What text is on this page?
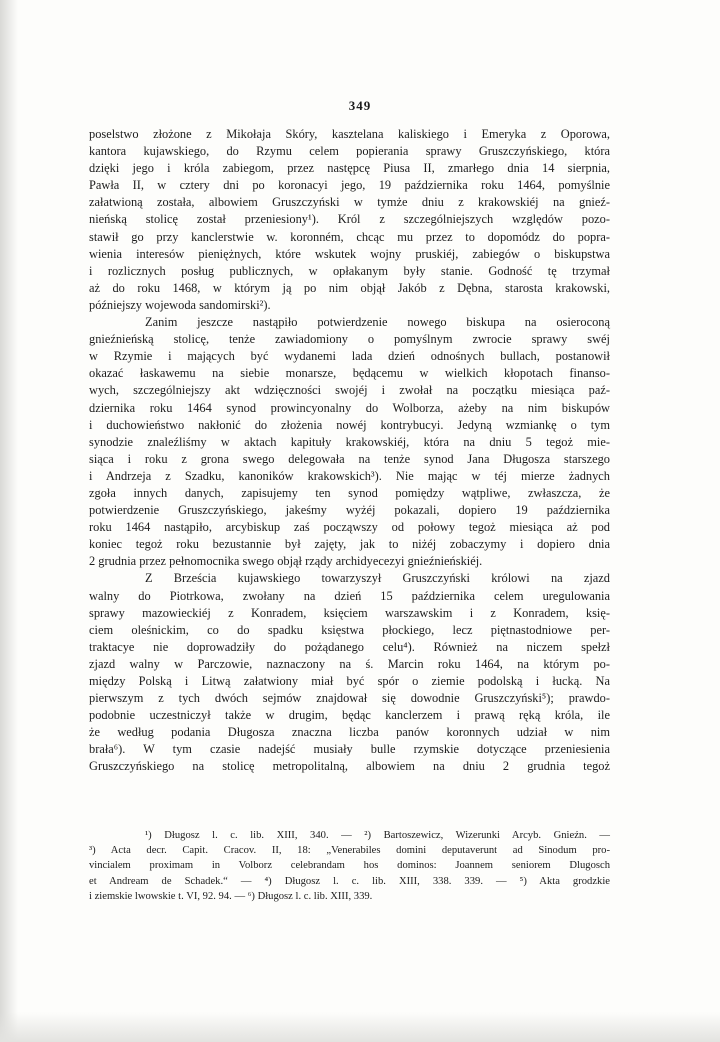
349
poselstwo złożone z Mikołaja Skóry, kasztelana kaliskiego i Emeryka z Oporowa,
kantora kujawskiego, do Rzymu celem popierania sprawy Gruszczyńskiego, która
dzięki jego i króla zabiegom, przez następcę Piusa II, zmarłego dnia 14 sierpnia,
Pawła II, w cztery dni po koronacyi jego, 19 października roku 1464, pomyślnie
załatwioną została, albowiem Gruszczyński w tymże dniu z krakowskiéj na gnieź-
nieńską stolicę został przeniesiony¹). Król z szczególniejszych względów pozo-
stawił go przy kanclerstwie w. koronném, chcąc mu przez to dopomódz do popra-
wienia interesów pieniężnych, które wskutek wojny pruskiéj, zabiegów o biskupstwa
i rozlicznych posług publicznych, w opłakanym były stanie. Godność tę trzymał
aż do roku 1468, w którym ją po nim objął Jakób z Dębna, starosta krakowski,
późniejszy wojewoda sandomirski²).
Zanim jeszcze nastąpiło potwierdzenie nowego biskupa na osieroconą
gnieźnieńską stolicę, tenże zawiadomiony o pomyślnym zwrocie sprawy swéj
w Rzymie i mających być wydanemi lada dzień odnośnych bullach, postanowił
okazać łaskawemu na siebie monarsze, będącemu w wielkich kłopotach finanso-
wych, szczególniejszy akt wdzięczności swojéj i zwołał na początku miesiąca paź-
dziernika roku 1464 synod prowincyonalny do Wolborza, ażeby na nim biskupów
i duchowieństwo nakłonić do złożenia nowéj kontrybucyi. Jedyną wzmiankę o tym
synodzie znaleźliśmy w aktach kapituły krakowskiéj, która na dniu 5 tegoż mie-
siąca i roku z grona swego delegowała na tenże synod Jana Długosza starszego
i Andrzeja z Szadku, kanoników krakowskich³). Nie mając w téj mierze żadnych
zgoła innych danych, zapisujemy ten synod pomiędzy wątpliwe, zwłaszcza, że
potwierdzenie Gruszczyńskiego, jakeśmy wyżéj pokazali, dopiero 19 października
roku 1464 nastąpiło, arcybiskup zaś począwszy od połowy tegoż miesiąca aż pod
koniec tegoż roku bezustannie był zajęty, jak to niżéj zobaczymy i dopiero dnia
2 grudnia przez pełnomocnika swego objął rządy archidyecezyi gnieźnieńskiéj.
Z Brześcia kujawskiego towarzyszył Gruszczyński królowi na zjazd
walny do Piotrkowa, zwołany na dzień 15 października celem uregulowania
sprawy mazowieckiéj z Konradem, księciem warszawskim i z Konradem, księ-
ciem oleśnickim, co do spadku księstwa płockiego, lecz piętnastodniowe per-
traktacye nie doprowadziły do pożądanego celu⁴). Również na niczem spełzł
zjazd walny w Parczowie, naznaczony na ś. Marcin roku 1464, na którym po-
między Polską i Litwą załatwiony miał być spór o ziemie podolską i łucką. Na
pierwszym z tych dwóch sejmów znajdował się dowodnie Gruszczyński⁵); prawdo-
podobnie uczestniczył także w drugim, będąc kanclerzem i prawą ręką króla, ile
że według podania Długosza znaczna liczba panów koronnych udział w nim
brała⁶). W tym czasie nadejść musiały bulle rzymskie dotyczące przeniesienia
Gruszczyńskiego na stolicę metropolitalną, albowiem na dniu 2 grudnia tegoż
¹) Długosz l. c. lib. XIII, 340. — ²) Bartoszewicz, Wizerunki Arcyb. Gnieźn. —
³) Acta decr. Capit. Cracov. II, 18: „Venerabiles domini deputaverunt ad Sinodum pro-
vincialem proximam in Volborz celebrandam hos dominos: Joannem seniorem Dlugosch
et Andream de Schadek.“ — ⁴) Długosz l. c. lib. XIII, 338. 339. — ⁵) Akta grodzkie
i ziemskie lwowskie t. VI, 92. 94. — ⁶) Długosz l. c. lib. XIII, 339.
